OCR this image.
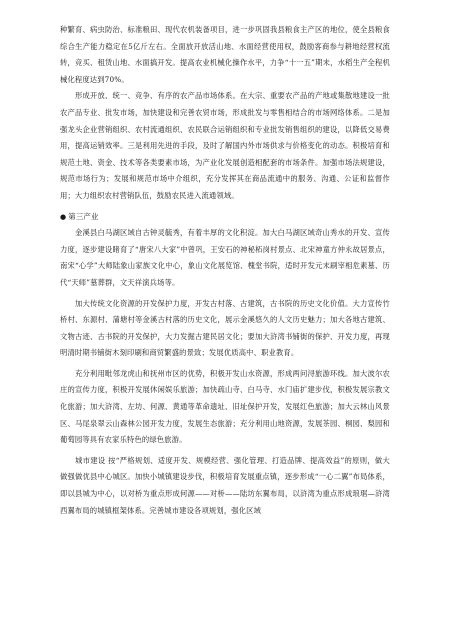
种繁育、病虫防治、标准粮田、现代农机装备项目，进一步巩固我县粮食主产区的地位，使全县粮食综合生产能力稳定在5亿斤左右。全面放开放活山地、水面经营使用权，鼓励客商参与耕地经营权流转，竞买、租赁山地、水面搞开发。提高农业机械化操作水平，力争“十一五”期末，水稻生产全程机械化程度达到70%。

形成开放、统一、竞争、有序的农产品市场体系。在大宗、重要农产品的产地或集散地建设一批农产品专业、批发市场，加快建设和完善农贸市场，形成批发与零售相结合的市场网络体系。二是加强龙头企业营销组织、农村流通组织、农民联合运销组织和专业批发销售组织的建设，以降低交易费用，提高运销效率。三是利用先进的手段，及时了解国内外市场供求与价格变化的动态。积极培育和规范土地、资金、技术等各类要素市场，为产业化发展创造相配套的市场条件。加强市场法规建设，规范市场行为；发展和规范市场中介组织，充分发挥其在商品流通中的服务、沟通、公证和监督作用；大力组织农村营销队伍，鼓励农民进入流通领域。

● 第三产业

金溪县白马湖区域自古钟灵毓秀，有着丰厚的文化积淀。加大白马湖区域奇山秀水的开发、宣传力度，逐步建设睹育了“唐宋八大家”中曾巩，王安石的神秘柘岗村景点、北宋神童方仲永故居景点，南宋“心学”大师陆象山家族文化中心，象山文化展览馆、槐堂书院，适时开发元末刷宰相危素墓、历代“天师”墓葬群，文天祥演兵场等。

加大传统文化资源的开发保护力度，开发古村落、古建筑，古书院的历史文化价值。大力宣传竹桥村、东源村、蒲塘村等金溪古村落的历史文化，展示金溪悠久的人文历史魅力；加大各地古建筑、文物古迹、古书院的开发保护，大力发掘古建民居文化；要加大浒湾书铺街的保护、开发力度，再现明清时期书铺街木刻印刷和商贸繁盛的景致；发展优质高中、职业教育。

充分利用毗邻龙虎山和抚州市区的优势，积极开发山水资源，形成两问浔旅游环线。加大波尔农庄的宣传力度，积极开发展休闲娱乐旅游；加快疏山寺、白马寺、水门庙扩建步伐，积极发展宗教文化旅游；加大浒湾、左坊、何源、黄通等革命遗址、旧址保护开发，发展红色旅游；加大云林山风景区、马尾泉翠云山森林公园开发力度，发展生态旅游；充分利用山地资源，发展茶园、桐园、梨园和葡萄园等具有农家乐特色的绿色旅游。

城市建设 按“严格规划、适度开发、规模经营、强化管理、打造品牌、提高效益”的原则，做大做强做优县中心城区。加快小城镇建设步伐，积极培育发展重点镇，逐步形成“一心二翼”布局体系，即以县城为中心，以对桥为重点形成何源——对桥——陆坊东翼布局，以浒湾为重点形成琅琚—浒湾西翼布局的城镇框架体系。完善城市建设各项规划，强化区域
